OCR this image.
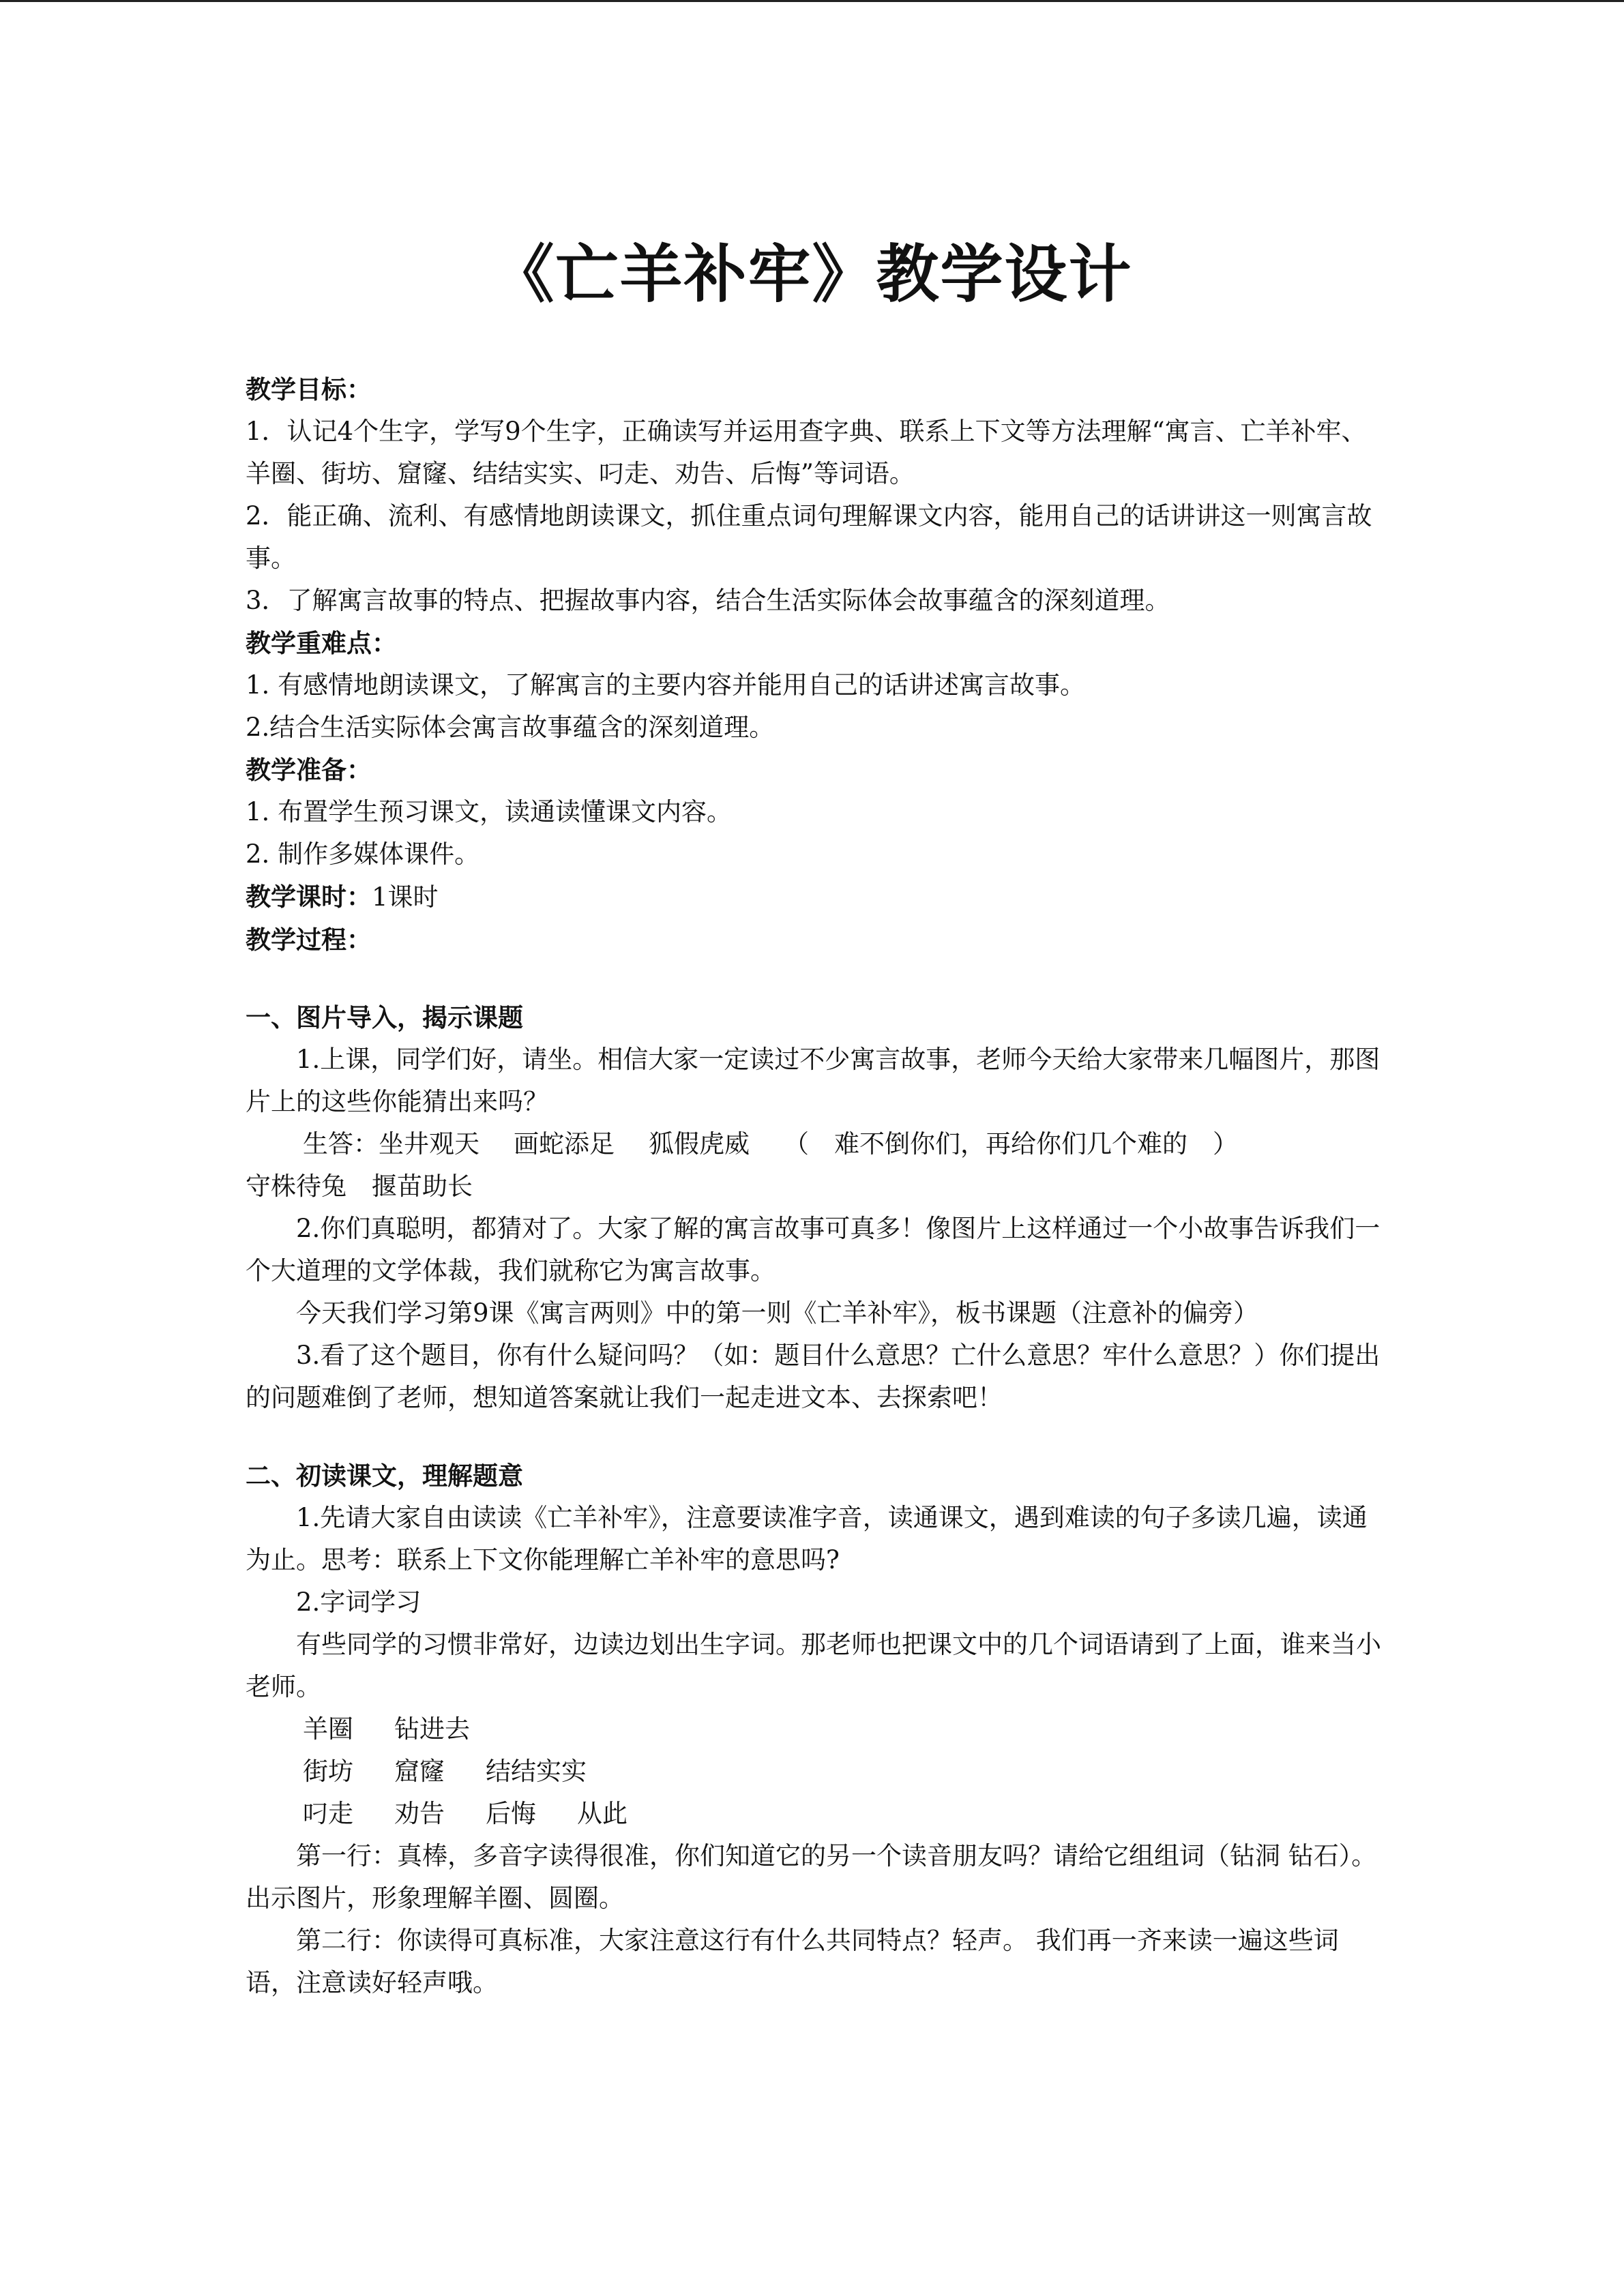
《亡羊补牢》教学设计

教学目标：

1．认记4个生字，学写9个生字，正确读写并运用查字典、联系上下文等方法理解“寓言、亡羊补牢、羊圈、街坊、窟窿、结结实实、叼走、劝告、后悔”等词语。

2．能正确、流利、有感情地朗读课文，抓住重点词句理解课文内容，能用自己的话讲讲这一则寓言故事。

3．了解寓言故事的特点、把握故事内容，结合生活实际体会故事蕴含的深刻道理。

教学重难点：

1. 有感情地朗读课文，了解寓言的主要内容并能用自己的话讲述寓言故事。

2.结合生活实际体会寓言故事蕴含的深刻道理。

教学准备：

1. 布置学生预习课文，读通读懂课文内容。

2. 制作多媒体课件。

教学课时：1课时

教学过程：

一、图片导入，揭示课题

1.上课，同学们好，请坐。相信大家一定读过不少寓言故事，老师今天给大家带来几幅图片，那图片上的这些你能猜出来吗？

生答：坐井观天 画蛇添足 狐假虎威 （　难不倒你们，再给你们几个难的　）

守株待兔　揠苗助长

2.你们真聪明，都猜对了。大家了解的寓言故事可真多！像图片上这样通过一个小故事告诉我们一个大道理的文学体裁，我们就称它为寓言故事。

今天我们学习第9课《寓言两则》中的第一则《亡羊补牢》，板书课题（注意补的偏旁）

3.看了这个题目，你有什么疑问吗？（如：题目什么意思？亡什么意思？牢什么意思？）你们提出的问题难倒了老师，想知道答案就让我们一起走进文本、去探索吧！

二、初读课文，理解题意

1.先请大家自由读读《亡羊补牢》，注意要读准字音，读通课文，遇到难读的句子多读几遍，读通为止。思考：联系上下文你能理解亡羊补牢的意思吗?

2.字词学习

有些同学的习惯非常好，边读边划出生字词。那老师也把课文中的几个词语请到了上面，谁来当小老师。

羊圈 钻进去

街坊 窟窿 结结实实

叼走 劝告 后悔 从此

第一行：真棒，多音字读得很准，你们知道它的另一个读音朋友吗？请给它组组词（钻洞 钻石）。出示图片，形象理解羊圈、圆圈。

第二行：你读得可真标准，大家注意这行有什么共同特点？轻声。 我们再一齐来读一遍这些词语，注意读好轻声哦。
